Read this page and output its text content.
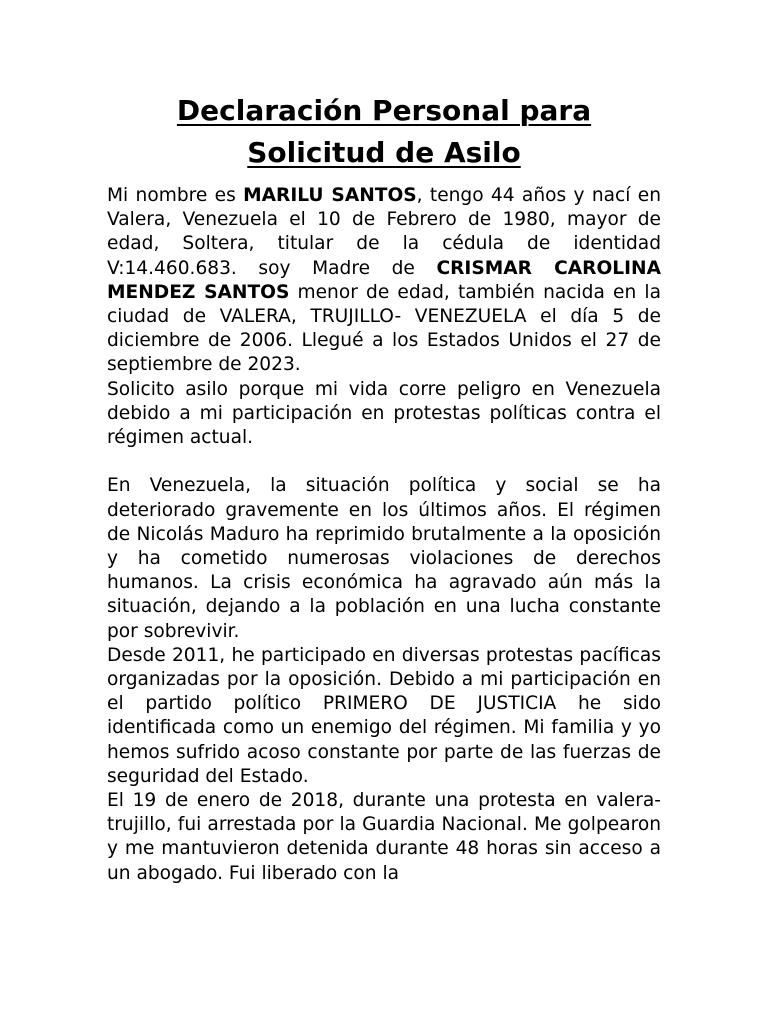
Declaración Personal para
Solicitud de Asilo

Mi nombre es MARILU SANTOS, tengo 44 años y nací en Valera, Venezuela el 10 de Febrero de 1980, mayor de edad, Soltera, titular de la cédula de identidad V:14.460.683. soy Madre de CRISMAR CAROLINA MENDEZ SANTOS menor de edad, también nacida en la ciudad de VALERA, TRUJILLO- VENEZUELA el día 5 de diciembre de 2006. Llegué a los Estados Unidos el 27 de septiembre de 2023.

Solicito asilo porque mi vida corre peligro en Venezuela debido a mi participación en protestas políticas contra el régimen actual.

En Venezuela, la situación política y social se ha deteriorado gravemente en los últimos años. El régimen de Nicolás Maduro ha reprimido brutalmente a la oposición y ha cometido numerosas violaciones de derechos humanos. La crisis económica ha agravado aún más la situación, dejando a la población en una lucha constante por sobrevivir.

Desde 2011, he participado en diversas protestas pacíficas organizadas por la oposición. Debido a mi participación en el partido político PRIMERO DE JUSTICIA he sido identificada como un enemigo del régimen. Mi familia y yo hemos sufrido acoso constante por parte de las fuerzas de seguridad del Estado.

El 19 de enero de 2018, durante una protesta en valera-trujillo, fui arrestada por la Guardia Nacional. Me golpearon y me mantuvieron detenida durante 48 horas sin acceso a un abogado. Fui liberado con la
